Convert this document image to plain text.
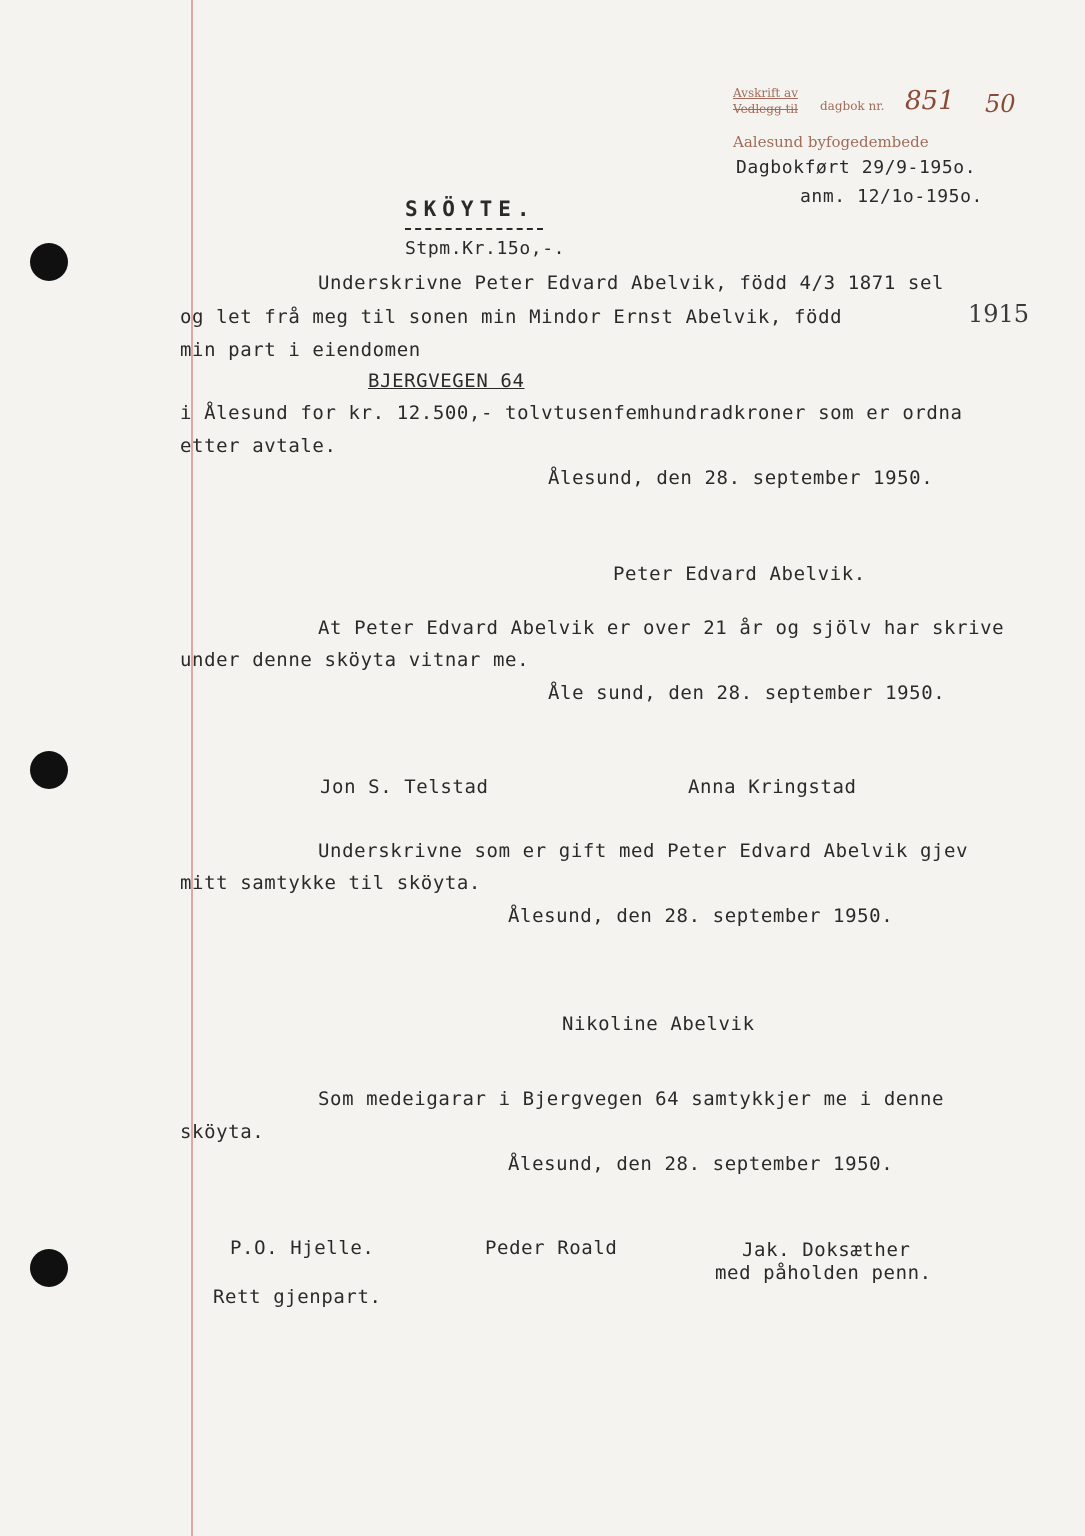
Avskrift av
Vedlegg til dagbok nr. 851 50
Aalesund byfogedembede
Dagbokført 29/9-195o.
anm. 12/1o-195o.
SKÖYTE.
Stpm.Kr.15o,-.
Underskrivne Peter Edvard Abelvik, född 4/3 1871 sel
og let frå meg til sonen min Mindor Ernst Abelvik, född	1915
min part i eiendomen
BJERGVEGEN 64
i Ålesund for kr. 12.500,- tolvtusenfemhundradkroner som er ordna
etter avtale.
Ålesund, den 28. september 1950.
Peter Edvard Abelvik.
At Peter Edvard Abelvik er over 21 år og sjölv har skrive
under denne sköyta vitnar me.
Åle sund, den 28. september 1950.
Jon S. Telstad	Anna Kringstad
Underskrivne som er gift med Peter Edvard Abelvik gjev
mitt samtykke til sköyta.
Ålesund, den 28. september 1950.
Nikoline Abelvik
Som medeigarar i Bjergvegen 64 samtykkjer me i denne
sköyta.
Ålesund, den 28. september 1950.
P.O. Hjelle.	Peder Roald	Jak. Doksæther
med påholden penn.
Rett gjenpart.
